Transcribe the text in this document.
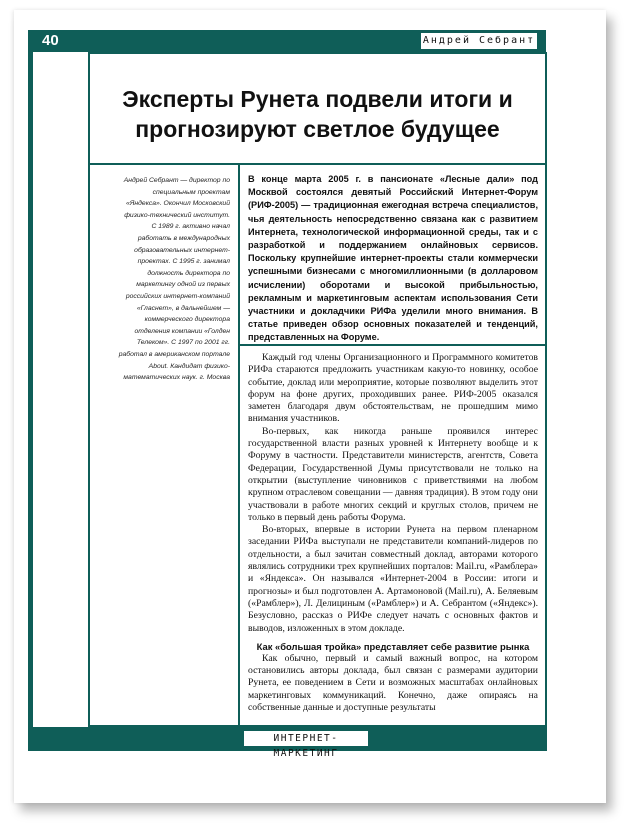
40	Андрей Себрант
Эксперты Рунета подвели итоги и прогнозируют светлое будущее

Андрей Себрант — директор по специальным проектам «Яндекса». Окончил Московский физико-технический институт. С 1989 г. активно начал работать в международных образовательных интернет-проектах. С 1995 г. занимал должность директора по маркетингу одной из первых российских интернет-компаний «Гласнет», в дальнейшем — коммерческого директора отделения компании «Голден Телеком». С 1997 по 2001 гг. работал в американском портале About. Кандидат физико-математических наук. г. Москва

В конце марта 2005 г. в пансионате «Лесные дали» под Москвой состоялся девятый Российский Интернет-Форум (РИФ-2005) — традиционная ежегодная встреча специалистов, чья деятельность непосредственно связана как с развитием Интернета, технологической информационной среды, так и с разработкой и поддержанием онлайновых сервисов. Поскольку крупнейшие интернет-проекты стали коммерчески успешными бизнесами с многомиллионными (в долларовом исчислении) оборотами и высокой прибыльностью, рекламным и маркетинговым аспектам использования Сети участники и докладчики РИФа уделили много внимания. В статье приведен обзор основных показателей и тенденций, представленных на Форуме.

Каждый год члены Организационного и Программного комитетов РИФа стараются предложить участникам какую-то новинку, особое событие, доклад или мероприятие, которые позволяют выделить этот форум на фоне других, проходивших ранее. РИФ-2005 оказался заметен благодаря двум обстоятельствам, не прошедшим мимо внимания участников.

Во-первых, как никогда раньше проявился интерес государственной власти разных уровней к Интернету вообще и к Форуму в частности. Представители министерств, агентств, Совета Федерации, Государственной Думы присутствовали не только на открытии (выступление чиновников с приветствиями на любом крупном отраслевом совещании — давняя традиция). В этом году они участвовали в работе многих секций и круглых столов, причем не только в первый день работы Форума.

Во-вторых, впервые в истории Рунета на первом пленарном заседании РИФа выступали не представители компаний-лидеров по отдельности, а был зачитан совместный доклад, авторами которого являлись сотрудники трех крупнейших порталов: Mail.ru, «Рамблера» и «Яндекса». Он назывался «Интернет-2004 в России: итоги и прогнозы» и был подготовлен А. Артамоновой (Mail.ru), А. Беляевым («Рамблер»), Л. Делициным («Рамблер») и А. Себрантом («Яндекс»). Безусловно, рассказ о РИФе следует начать с основных фактов и выводов, изложенных в этом докладе.

Как «большая тройка» представляет себе развитие рынка

Как обычно, первый и самый важный вопрос, на котором остановились авторы доклада, был связан с размерами аудитории Рунета, ее поведением в Сети и возможных масштабах онлайновых маркетинговых коммуникаций. Конечно, даже опираясь на собственные данные и доступные результаты

ИНТЕРНЕТ-МАРКЕТИНГ
